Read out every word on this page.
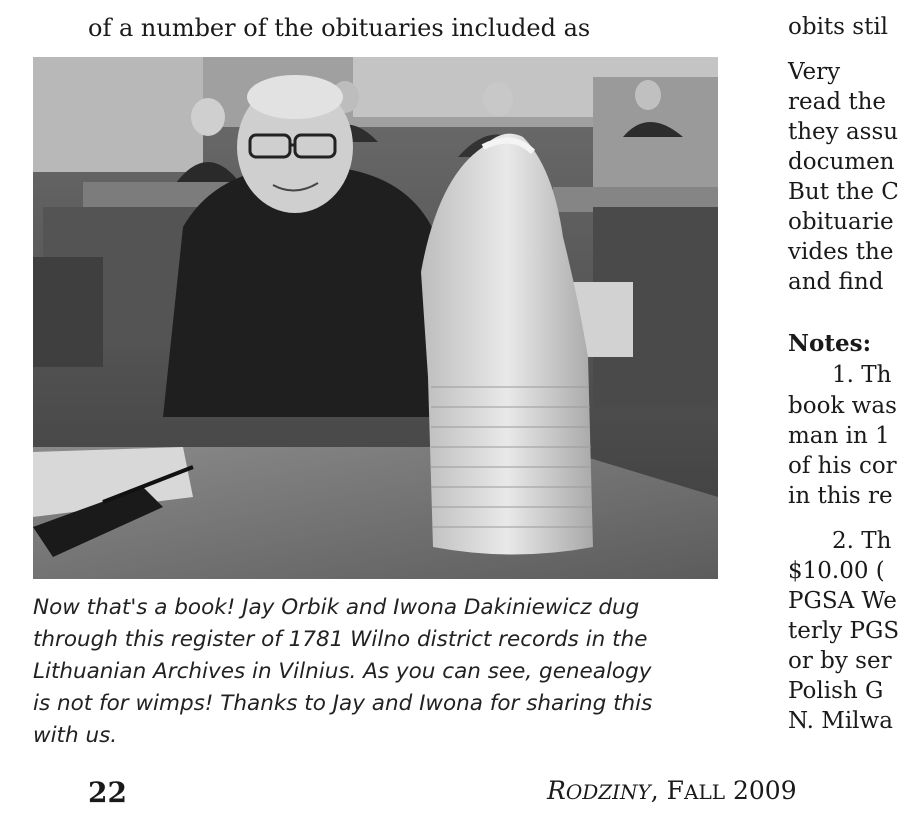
of a number of the obituaries included as	obits stil
Very
read the
they assu
documen
But the C
obituarie
vides the
and find
Notes:
1. Th
book was
man in 1
of his cor
in this re
2. Th
$10.00 (
PGSA We
terly PGS
or by ser
Polish G
N. Milwa
Now that's a book! Jay Orbik and Iwona Dakiniewicz dug
through this register of 1781 Wilno district records in the
Lithuanian Archives in Vilnius. As you can see, genealogy
is not for wimps! Thanks to Jay and Iwona for sharing this
with us.
22	RODZINY, FALL 2009
